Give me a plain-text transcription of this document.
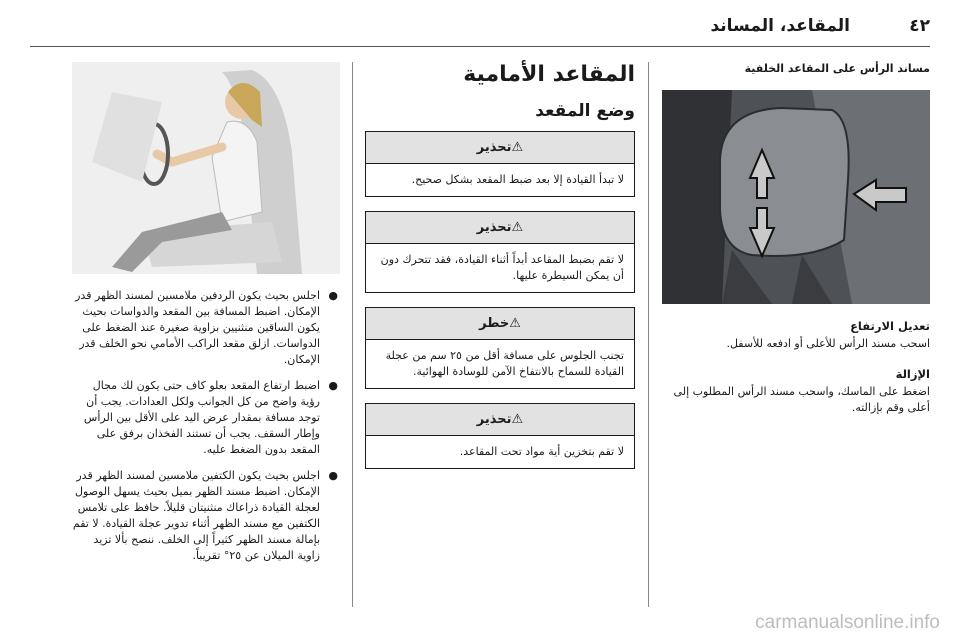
٤٢
المقاعد، المساند
مساند الرأس على المقاعد الخلفية
تعديل الارتفاع

اسحب مسند الرأس للأعلى أو ادفعه للأسفل.

الإزالة

اضغط على الماسك، واسحب مسند الرأس المطلوب إلى أعلى وقم بإزالته.

المقاعد الأمامية
وضع المقعد
⚠تحذير
لا تبدأ القيادة إلا بعد ضبط المقعد بشكل صحيح.
⚠تحذير
لا تقم بضبط المقاعد أبداً أثناء القيادة، فقد تتحرك دون أن يمكن السيطرة عليها.
⚠خطر
تجنب الجلوس على مسافة أقل من ٢٥ سم من عجلة القيادة للسماح بالانتفاخ الآمن للوسادة الهوائية.
⚠تحذير
لا تقم بتخزين أية مواد تحت المقاعد.
●
اجلس بحيث يكون الردفين ملامسين لمسند الظهر قدر الإمكان. اضبط المسافة بين المقعد والدواسات بحيث يكون الساقين منثنيين بزاوية صغيرة عند الضغط على الدواسات. ازلق مقعد الراكب الأمامي نحو الخلف قدر الإمكان.
●
اضبط ارتفاع المقعد بعلو كاف حتى يكون لك مجال رؤية واضح من كل الجوانب ولكل العدادات. يجب أن توجد مسافة بمقدار عرض اليد على الأقل بين الرأس وإطار السقف. يجب أن تستند الفخذان برفق على المقعد بدون الضغط عليه.
●
اجلس بحيث يكون الكتفين ملامسين لمسند الظهر قدر الإمكان. اضبط مسند الظهر بميل بحيث يسهل الوصول لعجلة القيادة ذراعاك منثنيتان قليلاً. حافظ على تلامس الكتفين مع مسند الظهر أثناء تدوير عجلة القيادة. لا تقم بإمالة مسند الظهر كثيراً إلى الخلف. ننصح بألا تزيد زاوية الميلان عن ٢٥° تقريباً.
carmanualsonline.info
